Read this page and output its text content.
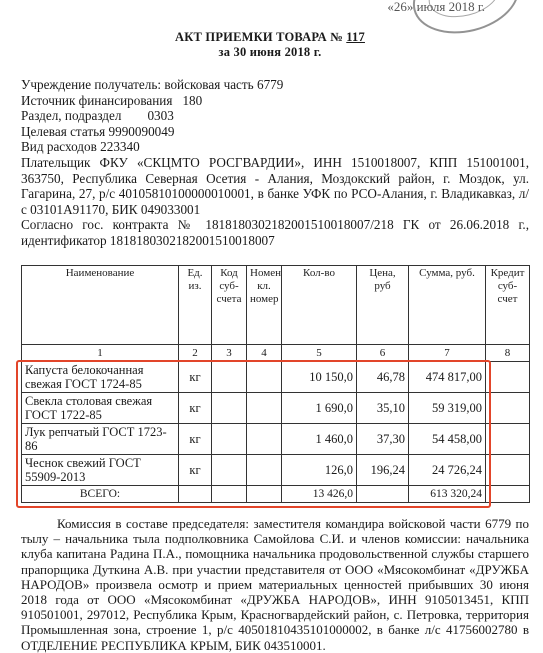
«26» июля 2018 г.
АКТ ПРИЕМКИ ТОВАРА № 117
за 30 июня 2018 г.
Учреждение получатель: войсковая часть 6779
Источник финансирования 180
Раздел, подраздел 0303
Целевая статья 9990090049
Вид расходов 223340
Плательщик ФКУ «СКЦМТО РОСГВАРДИИ», ИНН 1510018007, КПП 151001001, 363750, Республика Северная Осетия - Алания, Моздокский район, г. Моздок, ул. Гагарина, 27, р/с 40105810100000010001, в банке УФК по РСО-Алания, г. Владикавказ, л/с 03101А91170, БИК 049033001
Согласно гос. контракта № 1818180302182001510018007/218 ГК от 26.06.2018 г., идентификатор 1818180302182001510018007
Наименование	Ед. из.	Код суб-счета	Номен кл. номер	Кол-во	Цена, руб	Сумма, руб.	Кредит суб-счет
1	2	3	4	5	6	7	8
Капуста белокочанная свежая ГОСТ 1724-85	кг			10 150,0	46,78	474 817,00	
Свекла столовая свежая ГОСТ 1722-85	кг			1 690,0	35,10	59 319,00	
Лук репчатый ГОСТ 1723-86	кг			1 460,0	37,30	54 458,00	
Чеснок свежий ГОСТ 55909-2013	кг			126,0	196,24	24 726,24	
ВСЕГО:				13 426,0		613 320,24	
Комиссия в составе председателя: заместителя командира войсковой части 6779 по тылу – начальника тыла подполковника Самойлова С.И. и членов комиссии: начальника клуба капитана Радина П.А., помощника начальника продовольственной службы старшего прапорщика Дуткина А.В. при участии представителя от ООО «Мясокомбинат «ДРУЖБА НАРОДОВ» произвела осмотр и прием материальных ценностей прибывших 30 июня 2018 года от ООО «Мясокомбинат «ДРУЖБА НАРОДОВ», ИНН 9105013451, КПП 910501001, 297012, Республика Крым, Красногвардейский район, с. Петровка, территория Промышленная зона, строение 1, р/с 40501810435101000002, в банке л/с 41756002780 в ОТДЕЛЕНИЕ РЕСПУБЛИКА КРЫМ, БИК 043510001.
